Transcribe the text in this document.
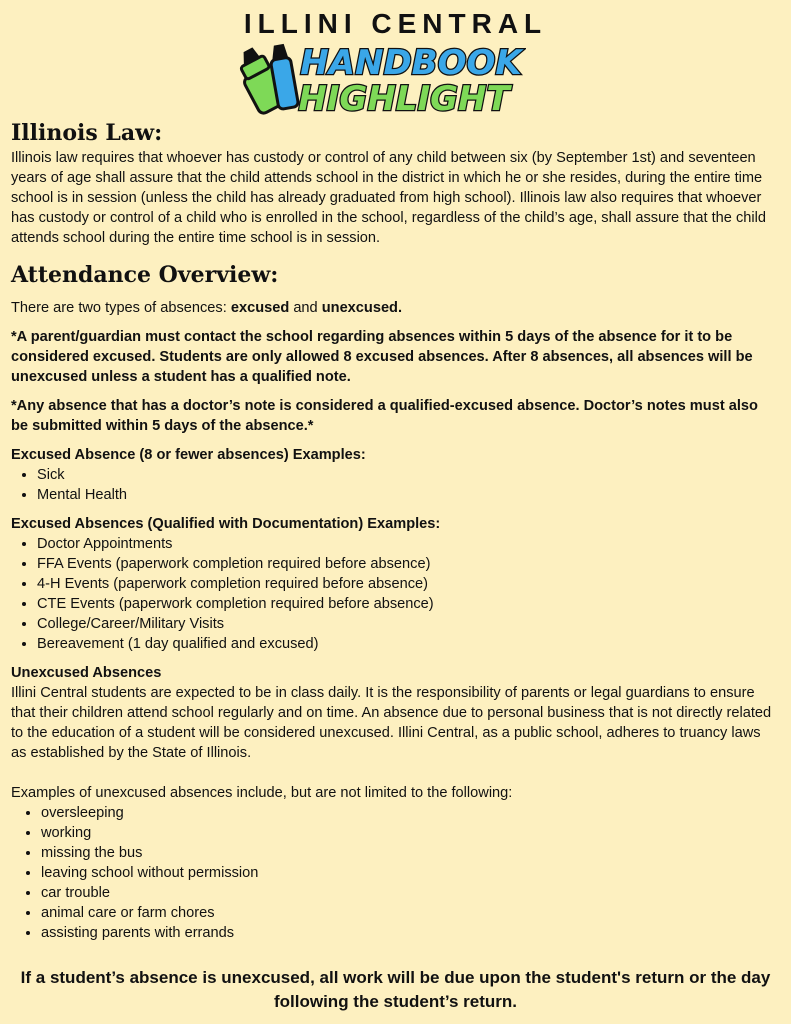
ILLINI CENTRAL
HANDBOOK
HIGHLIGHT
Illinois Law:

Illinois law requires that whoever has custody or control of any child between six (by September 1st) and seventeen years of age shall assure that the child attends school in the district in which he or she resides, during the entire time school is in session (unless the child has already graduated from high school). Illinois law also requires that whoever has custody or control of a child who is enrolled in the school, regardless of the child’s age, shall assure that the child attends school during the entire time school is in session.

Attendance Overview:

There are two types of absences: excused and unexcused.

*A parent/guardian must contact the school regarding absences within 5 days of the absence for it to be considered excused. Students are only allowed 8 excused absences. After 8 absences, all absences will be unexcused unless a student has a qualified note.

*Any absence that has a doctor’s note is considered a qualified-excused absence. Doctor’s notes must also be submitted within 5 days of the absence.*

Excused Absence (8 or fewer absences) Examples:

• Sick
• Mental Health

Excused Absences (Qualified with Documentation) Examples:

• Doctor Appointments
• FFA Events (paperwork completion required before absence)
• 4-H Events (paperwork completion required before absence)
• CTE Events (paperwork completion required before absence)
• College/Career/Military Visits
• Bereavement (1 day qualified and excused)

Unexcused Absences

Illini Central students are expected to be in class daily. It is the responsibility of parents or legal guardians to ensure that their children attend school regularly and on time. An absence due to personal business that is not directly related to the education of a student will be considered unexcused. Illini Central, as a public school, adheres to truancy laws as established by the State of Illinois.

Examples of unexcused absences include, but are not limited to the following:

• oversleeping
• working
• missing the bus
• leaving school without permission
• car trouble
• animal care or farm chores
• assisting parents with errands
If a student’s absence is unexcused, all work will be due upon the student's return or the day following the student’s return.
